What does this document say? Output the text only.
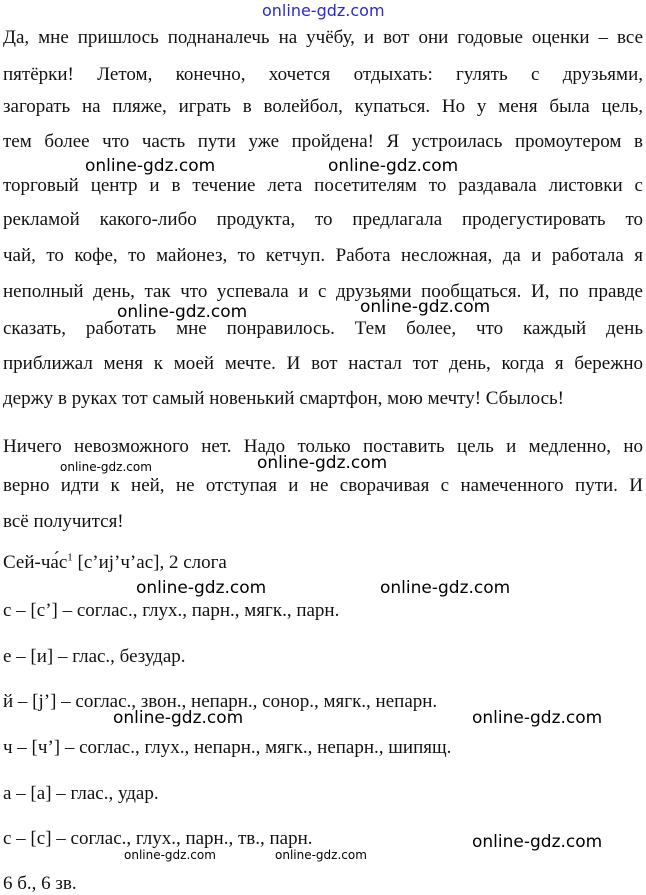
online-gdz.com
Да, мне пришлось поднаналечь на учёбу, и вот они годовые оценки – все
пятёрки! Летом, конечно, хочется отдыхать: гулять с друзьями,
загорать на пляже, играть в волейбол, купаться. Но у меня была цель,
тем более что часть пути уже пройдена! Я устроилась промоутером в
торговый центр и в течение лета посетителям то раздавала листовки с
рекламой какого-либо продукта, то предлагала продегустировать то
чай, то кофе, то майонез, то кетчуп. Работа несложная, да и работала я
неполный день, так что успевала и с друзьями пообщаться. И, по правде
сказать, работать мне понравилось. Тем более, что каждый день
приближал меня к моей мечте. И вот настал тот день, когда я бережно
держу в руках тот самый новенький смартфон, мою мечту! Сбылось!
Ничего невозможного нет. Надо только поставить цель и медленно, но
верно идти к ней, не отступая и не сворачивая с намеченного пути. И
всё получится!
Сей-$ча́с^1$ [с’иj’ч’ас], 2 слога
с – [с’] – соглас., глух., парн., мягк., парн.
е – [и] – глас., безудар.
й – [j’] – соглас., звон., непарн., сонор., мягк., непарн.
ч – [ч’] – соглас., глух., непарн., мягк., непарн., шипящ.
а – [а] – глас., удар.
с – [с] – соглас., глух., парн., тв., парн.
6 б., 6 зв.
online-gdz.com	online-gdz.com
online-gdz.com	online-gdz.com
online-gdz.com	online-gdz.com
online-gdz.com	online-gdz.com
online-gdz.com	online-gdz.com
online-gdz.com
online-gdz.com	online-gdz.com
